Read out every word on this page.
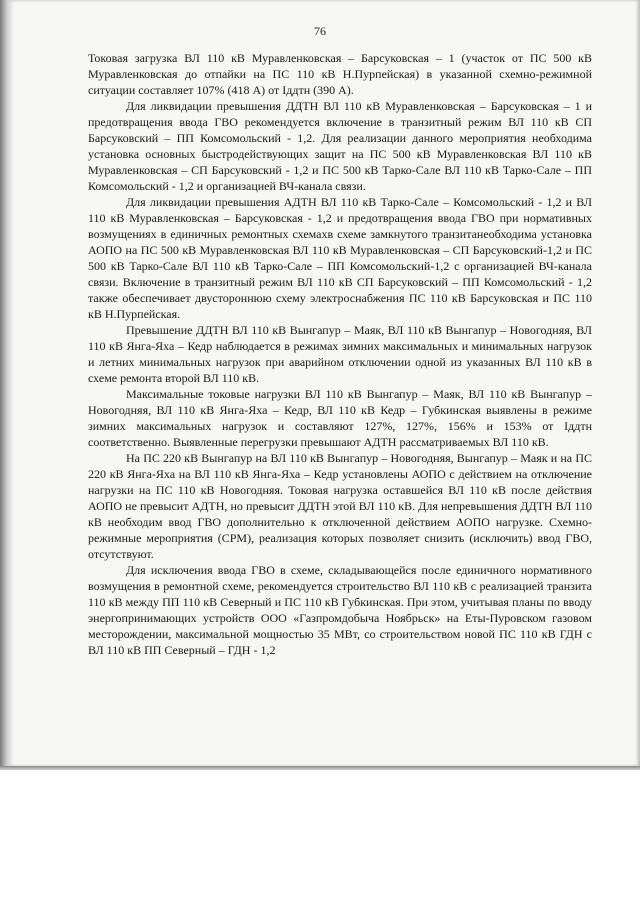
76

Токовая загрузка ВЛ 110 кВ Муравленковская – Барсуковская – 1 (участок от ПС 500 кВ Муравленковская до отпайки на ПС 110 кВ Н.Пурпейская) в указанной схемно-режимной ситуации составляет 107% (418 А) от Iддтн (390 А).

Для ликвидации превышения ДДТН ВЛ 110 кВ Муравленковская – Барсуковская – 1 и предотвращения ввода ГВО рекомендуется включение в транзитный режим ВЛ 110 кВ СП Барсуковский – ПП Комсомольский - 1,2. Для реализации данного мероприятия необходима установка основных быстродействующих защит на ПС 500 кВ Муравленковская ВЛ 110 кВ Муравленковская – СП Барсуковский - 1,2 и ПС 500 кВ Тарко-Сале ВЛ 110 кВ Тарко-Сале – ПП Комсомольский - 1,2 и организацией ВЧ-канала связи.

Для ликвидации превышения АДТН ВЛ 110 кВ Тарко-Сале – Комсомольский - 1,2 и ВЛ 110 кВ Муравленковская – Барсуковская - 1,2 и предотвращения ввода ГВО при нормативных возмущениях в единичных ремонтных схемахв схеме замкнутого транзитанеобходима установка АОПО на ПС 500 кВ Муравленковская ВЛ 110 кВ Муравленковская – СП Барсуковский-1,2 и ПС 500 кВ Тарко-Сале ВЛ 110 кВ Тарко-Сале – ПП Комсомольский-1,2 с организацией ВЧ-канала связи. Включение в транзитный режим ВЛ 110 кВ СП Барсуковский – ПП Комсомольский - 1,2 также обеспечивает двустороннюю схему электроснабжения ПС 110 кВ Барсуковская и ПС 110 кВ Н.Пурпейская.

Превышение ДДТН ВЛ 110 кВ Вынгапур – Маяк, ВЛ 110 кВ Вынгапур – Новогодняя, ВЛ 110 кВ Янга-Яха – Кедр наблюдается в режимах зимних максимальных и минимальных нагрузок и летних минимальных нагрузок при аварийном отключении одной из указанных ВЛ 110 кВ в схеме ремонта второй ВЛ 110 кВ.

Максимальные токовые нагрузки ВЛ 110 кВ Вынгапур – Маяк, ВЛ 110 кВ Вынгапур – Новогодняя, ВЛ 110 кВ Янга-Яха – Кедр, ВЛ 110 кВ Кедр – Губкинская выявлены в режиме зимних максимальных нагрузок и составляют 127%, 127%, 156% и 153% от Iддтн соответственно. Выявленные перегрузки превышают АДТН рассматриваемых ВЛ 110 кВ.

На ПС 220 кВ Вынгапур на ВЛ 110 кВ Вынгапур – Новогодняя, Вынгапур – Маяк и на ПС 220 кВ Янга-Яха на ВЛ 110 кВ Янга-Яха – Кедр установлены АОПО с действием на отключение нагрузки на ПС 110 кВ Новогодняя. Токовая нагрузка оставшейся ВЛ 110 кВ после действия АОПО не превысит АДТН, но превысит ДДТН этой ВЛ 110 кВ. Для непревышения ДДТН ВЛ 110 кВ необходим ввод ГВО дополнительно к отключенной действием АОПО нагрузке. Схемно-режимные мероприятия (СРМ), реализация которых позволяет снизить (исключить) ввод ГВО, отсутствуют.

Для исключения ввода ГВО в схеме, складывающейся после единичного нормативного возмущения в ремонтной схеме, рекомендуется строительство ВЛ 110 кВ с реализацией транзита 110 кВ между ПП 110 кВ Северный и ПС 110 кВ Губкинская. При этом, учитывая планы по вводу энергопринимающих устройств ООО «Газпромдобыча Ноябрьск» на Еты-Пуровском газовом месторождении, максимальной мощностью 35 МВт, со строительством новой ПС 110 кВ ГДН с ВЛ 110 кВ ПП Северный – ГДН - 1,2
